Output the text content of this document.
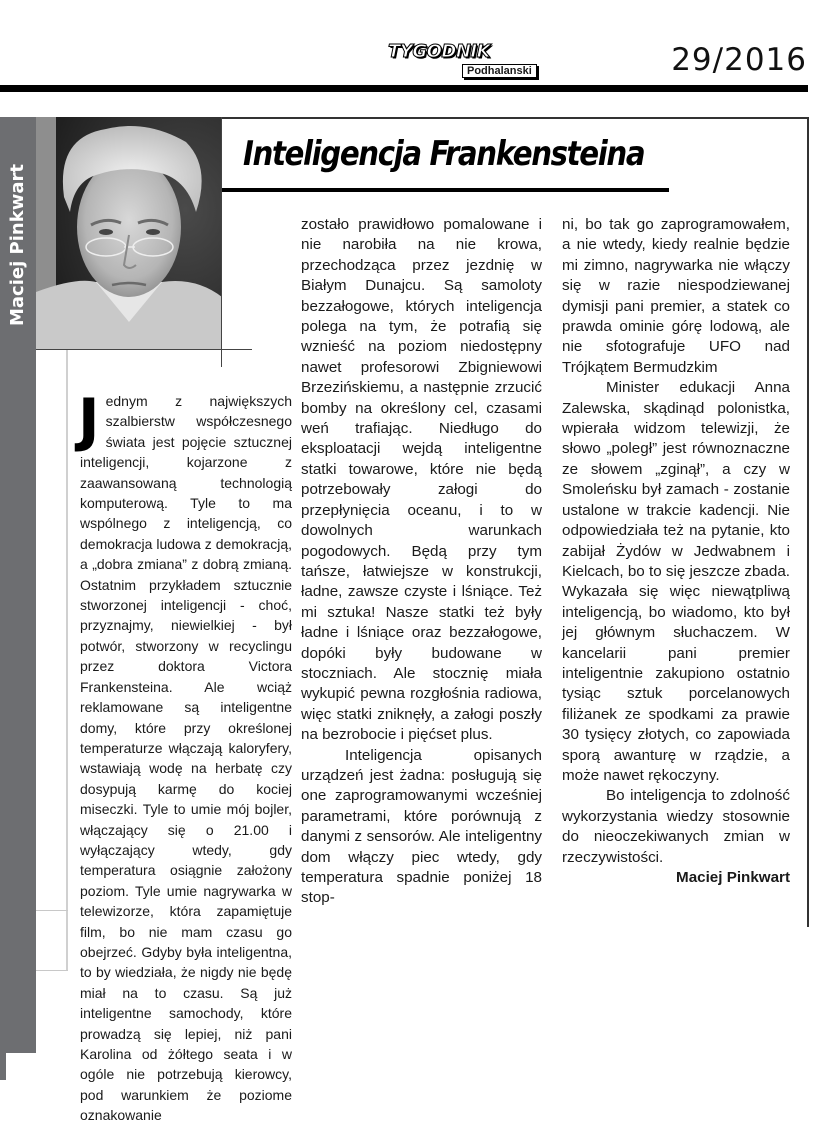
TYGODNIK
Podhalanski	29/2016
Maciej Pinkwart
Inteligencja Frankensteina

Jednym z największych szalbierstw współczesnego świata jest pojęcie sztucznej inteligencji, kojarzone z zaawansowaną technologią komputerową. Tyle to ma wspólnego z inteligencją, co demokracja ludowa z demokracją, a „dobra zmiana” z dobrą zmianą. Ostatnim przykładem sztucznie stworzonej inteligencji - choć, przyznajmy, niewielkiej - był potwór, stworzony w recyclingu przez doktora Victora Frankensteina. Ale wciąż reklamowane są inteligentne domy, które przy określonej temperaturze włączają kaloryfery, wstawiają wodę na herbatę czy dosypują karmę do kociej miseczki. Tyle to umie mój bojler, włączający się o 21.00 i wyłączający wtedy, gdy temperatura osiągnie założony poziom. Tyle umie nagrywarka w telewizorze, która zapamiętuje film, bo nie mam czasu go obejrzeć. Gdyby była inteligentna, to by wiedziała, że nigdy nie będę miał na to czasu. Są już inteligentne samochody, które prowadzą się lepiej, niż pani Karolina od żółtego seata i w ogóle nie potrzebują kierowcy, pod warunkiem że poziome oznakowanie

zostało prawidłowo pomalowane i nie narobiła na nie krowa, przechodząca przez jezdnię w Białym Dunajcu. Są samoloty bezzałogowe, których inteligencja polega na tym, że potrafią się wznieść na poziom niedostępny nawet profesorowi Zbigniewowi Brzezińskiemu, a następnie zrzucić bomby na określony cel, czasami weń trafiając. Niedługo do eksploatacji wejdą inteligentne statki towarowe, które nie będą potrzebowały załogi do przepłynięcia oceanu, i to w dowolnych warunkach pogodowych. Będą przy tym tańsze, łatwiejsze w konstrukcji, ładne, zawsze czyste i lśniące. Też mi sztuka! Nasze statki też były ładne i lśniące oraz bezzałogowe, dopóki były budowane w stoczniach. Ale stocznię miała wykupić pewna rozgłośnia radiowa, więc statki zniknęły, a załogi poszły na bezrobocie i pięćset plus.

Inteligencja opisanych urządzeń jest żadna: posługują się one zaprogramowanymi wcześniej parametrami, które porównują z danymi z sensorów. Ale inteligentny dom włączy piec wtedy, gdy temperatura spadnie poniżej 18 stop-

ni, bo tak go zaprogramowałem, a nie wtedy, kiedy realnie będzie mi zimno, nagrywarka nie włączy się w razie niespodziewanej dymisji pani premier, a statek co prawda ominie górę lodową, ale nie sfotografuje UFO nad Trójkątem Bermudzkim

Minister edukacji Anna Zalewska, skądinąd polonistka, wpierała widzom telewizji, że słowo „poległ” jest równoznaczne ze słowem „zginął”, a czy w Smoleńsku był zamach - zostanie ustalone w trakcie kadencji. Nie odpowiedziała też na pytanie, kto zabijał Żydów w Jedwabnem i Kielcach, bo to się jeszcze zbada. Wykazała się więc niewątpliwą inteligencją, bo wiadomo, kto był jej głównym słuchaczem. W kancelarii pani premier inteligentnie zakupiono ostatnio tysiąc sztuk porcelanowych filiżanek ze spodkami za prawie 30 tysięcy złotych, co zapowiada sporą awanturę w rządzie, a może nawet rękoczyny.

Bo inteligencja to zdolność wykorzystania wiedzy stosownie do nieoczekiwanych zmian w rzeczywistości.

Maciej Pinkwart
